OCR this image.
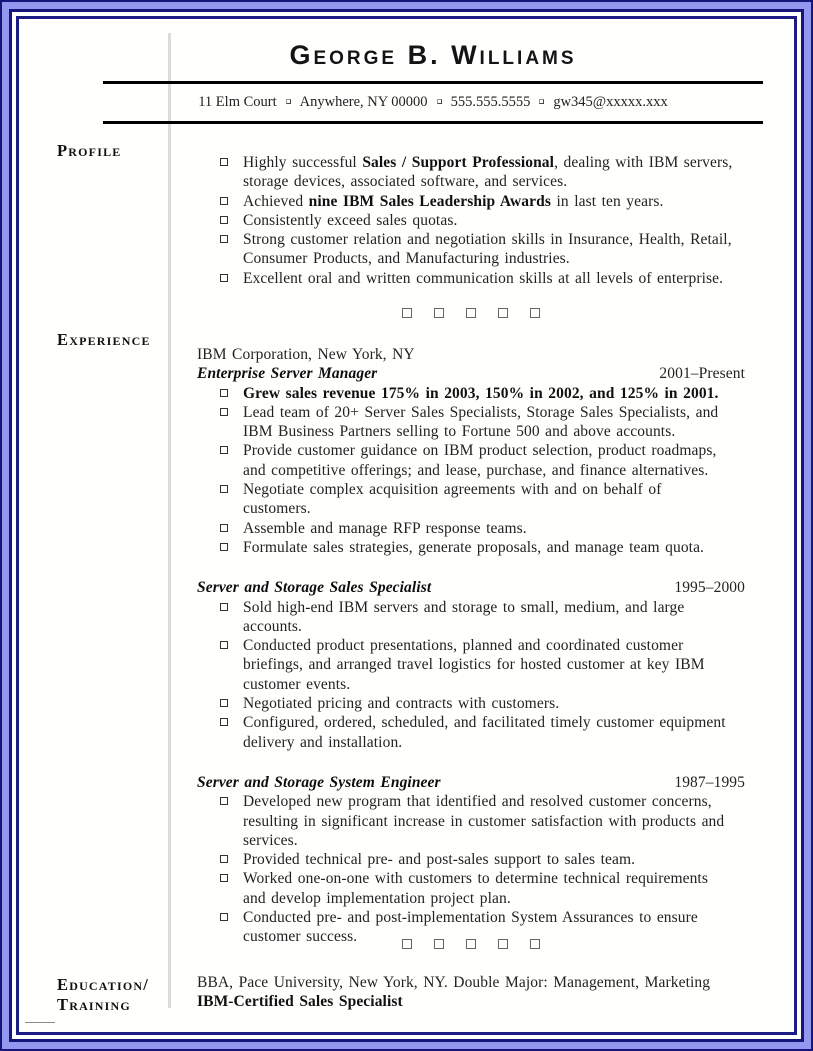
George B. Williams
11 Elm Court Anywhere, NY 00000 555.555.5555 gw345@xxxxx.xxx
Profile
Experience
Education/
Training
Highly successful Sales / Support Professional, dealing with IBM servers, storage devices, associated software, and services.
Achieved nine IBM Sales Leadership Awards in last ten years.
Consistently exceed sales quotas.
Strong customer relation and negotiation skills in Insurance, Health, Retail, Consumer Products, and Manufacturing industries.
Excellent oral and written communication skills at all levels of enterprise.
IBM Corporation, New York, NY
Enterprise Server Manager	2001–Present
Grew sales revenue 175% in 2003, 150% in 2002, and 125% in 2001.
Lead team of 20+ Server Sales Specialists, Storage Sales Specialists, and IBM Business Partners selling to Fortune 500 and above accounts.
Provide customer guidance on IBM product selection, product roadmaps, and competitive offerings; and lease, purchase, and finance alternatives.
Negotiate complex acquisition agreements with and on behalf of customers.
Assemble and manage RFP response teams.
Formulate sales strategies, generate proposals, and manage team quota.
Server and Storage Sales Specialist	1995–2000
Sold high-end IBM servers and storage to small, medium, and large accounts.
Conducted product presentations, planned and coordinated customer briefings, and arranged travel logistics for hosted customer at key IBM customer events.
Negotiated pricing and contracts with customers.
Configured, ordered, scheduled, and facilitated timely customer equipment delivery and installation.
Server and Storage System Engineer	1987–1995
Developed new program that identified and resolved customer concerns, resulting in significant increase in customer satisfaction with products and services.
Provided technical pre- and post-sales support to sales team.
Worked one-on-one with customers to determine technical requirements and develop implementation project plan.
Conducted pre- and post-implementation System Assurances to ensure customer success.
BBA, Pace University, New York, NY. Double Major: Management, Marketing
IBM-Certified Sales Specialist
